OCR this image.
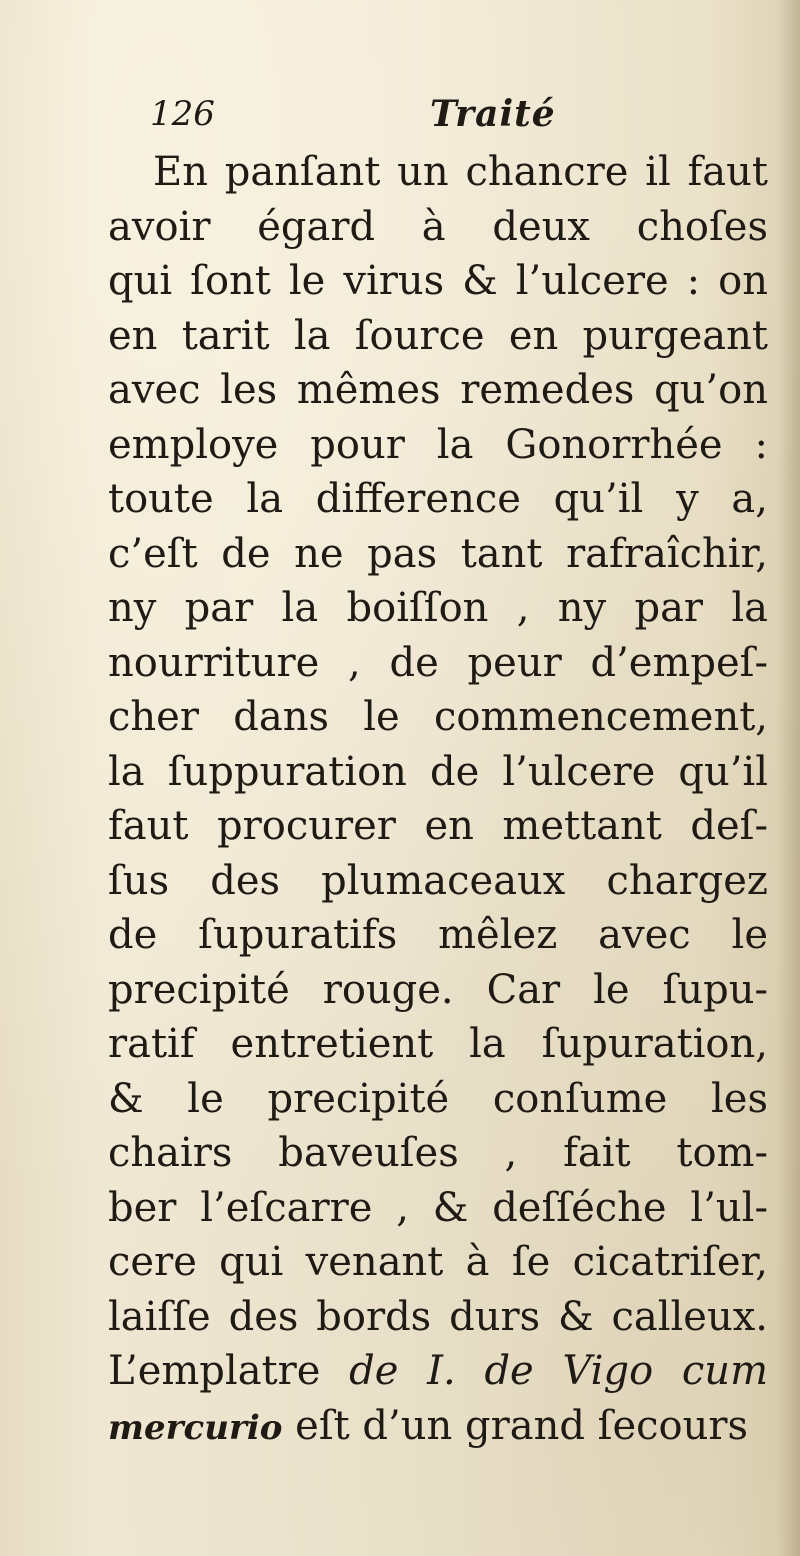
126	Traité
En panſant un chancre il faut
avoir égard à deux choſes
qui ſont le virus & l’ulcere : on
en tarit la ſource en purgeant
avec les mêmes remedes qu’on
employe pour la Gonorrhée :
toute la difference qu’il y a,
c’eſt de ne pas tant rafraîchir,
ny par la boiſſon , ny par la
nourriture , de peur d’empeſ-
cher dans le commencement,
la ſuppuration de l’ulcere qu’il
faut procurer en mettant deſ-
ſus des plumaceaux chargez
de ſupuratifs mêlez avec le
precipité rouge. Car le ſupu-
ratif entretient la ſupuration,
& le precipité conſume les
chairs baveuſes , fait tom-
ber l’eſcarre , & deſſéche l’ul-
cere qui venant à ſe cicatriſer,
laiſſe des bords durs & calleux.
L’emplatre de I. de Vigo cum
mercurio eſt d’un grand ſecours
